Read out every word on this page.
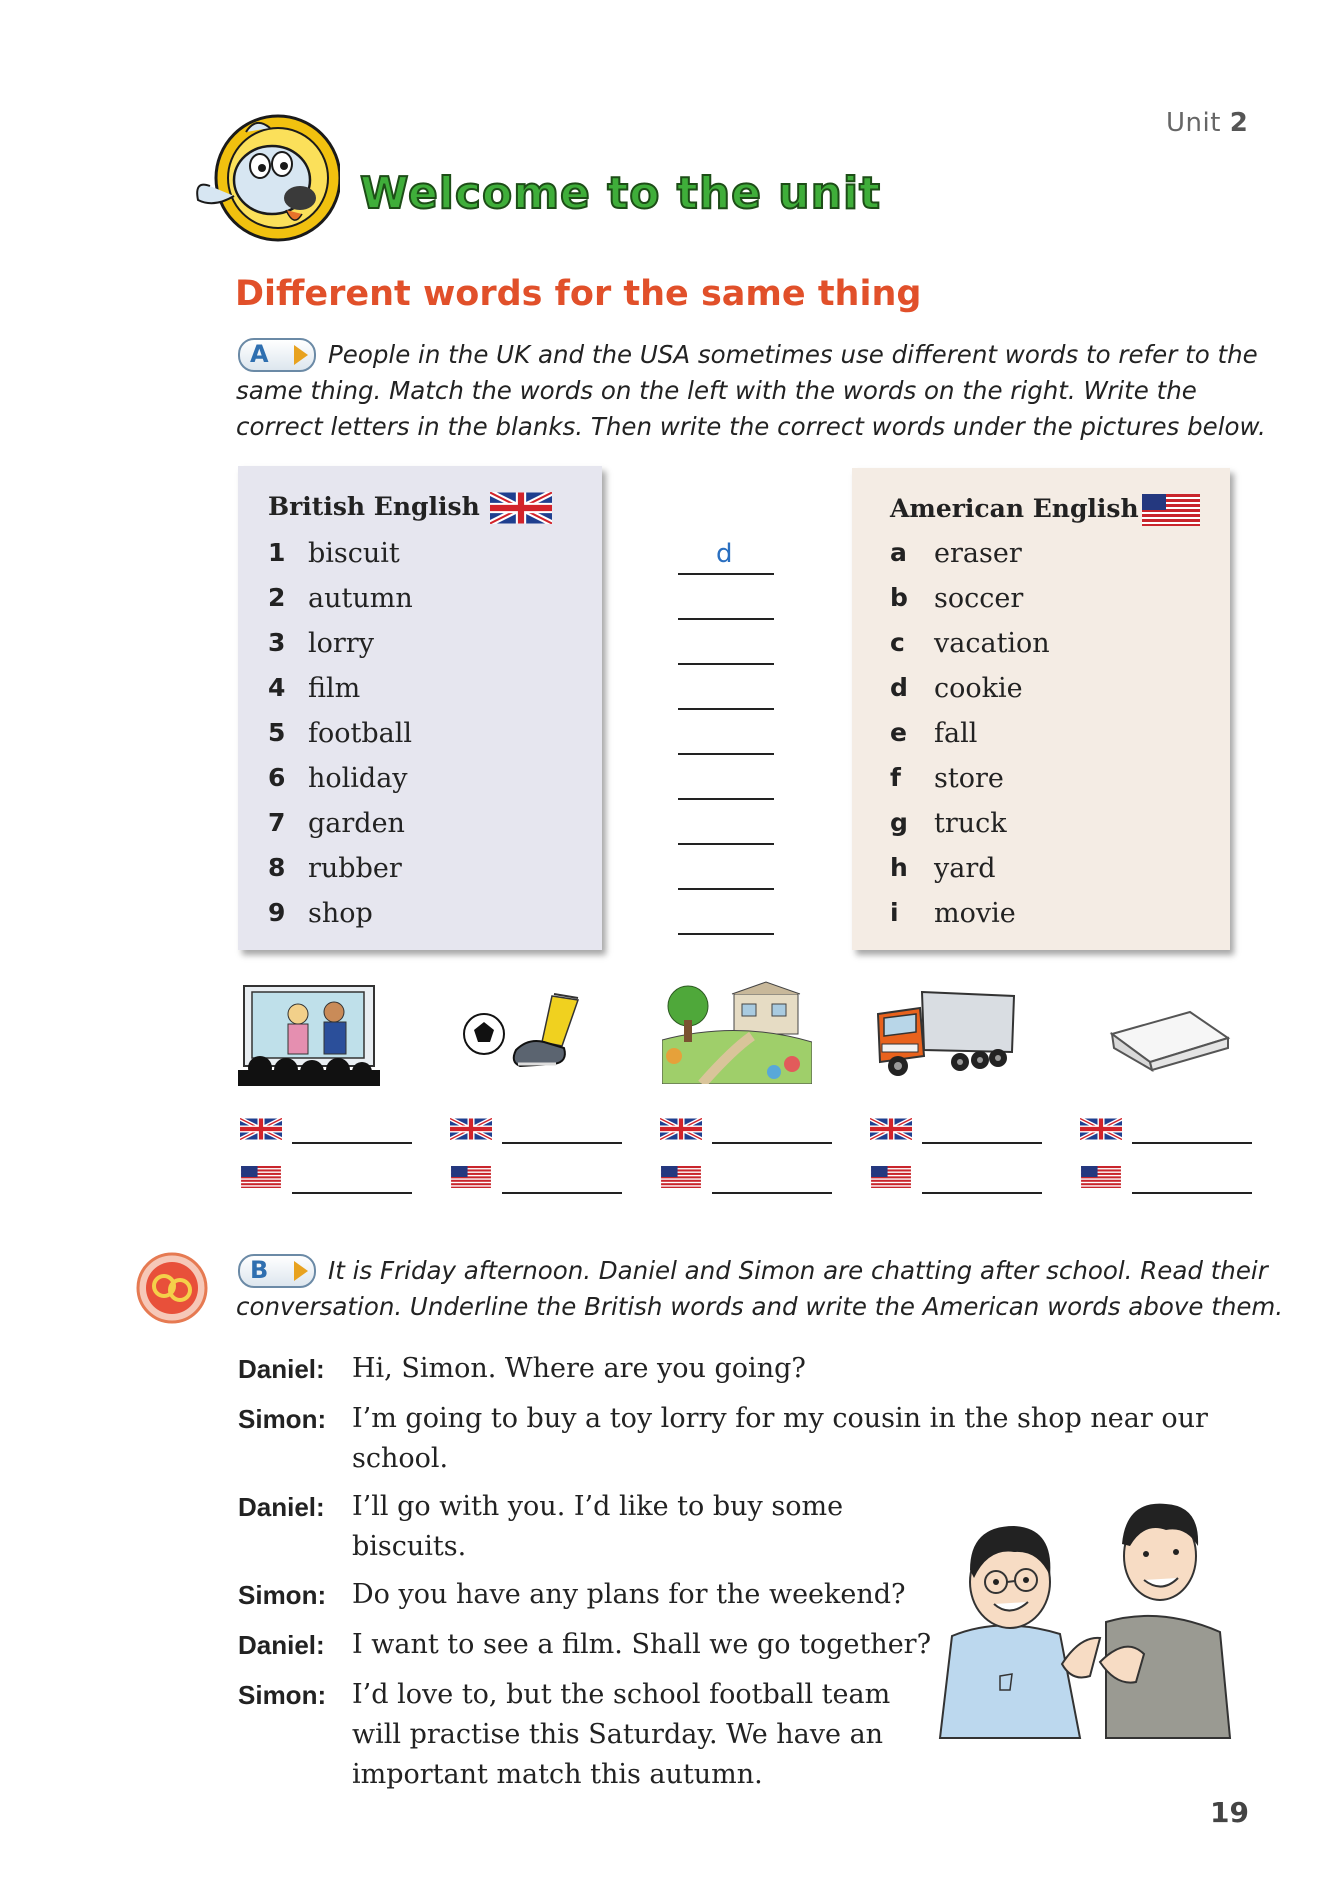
Unit 2
Welcome to the unit
Different words for the same thing
A People in the UK and the USA sometimes use different words to refer to the
same thing. Match the words on the left with the words on the right. Write the
correct letters in the blanks. Then write the correct words under the pictures below.
British English
1 biscuit
2 autumn
3 lorry
4 film
5 football
6 holiday
7 garden
8 rubber
9 shop
d
American English
a eraser
b soccer
c vacation
d cookie
e fall
f store
g truck
h yard
i movie
B It is Friday afternoon. Daniel and Simon are chatting after school. Read their
conversation. Underline the British words and write the American words above them.
Daniel: Hi, Simon. Where are you going?
Simon: I’m going to buy a toy lorry for my cousin in the shop near our
school.
Daniel: I’ll go with you. I’d like to buy some
biscuits.
Simon: Do you have any plans for the weekend?
Daniel: I want to see a film. Shall we go together?
Simon: I’d love to, but the school football team
will practise this Saturday. We have an
important match this autumn.
19
